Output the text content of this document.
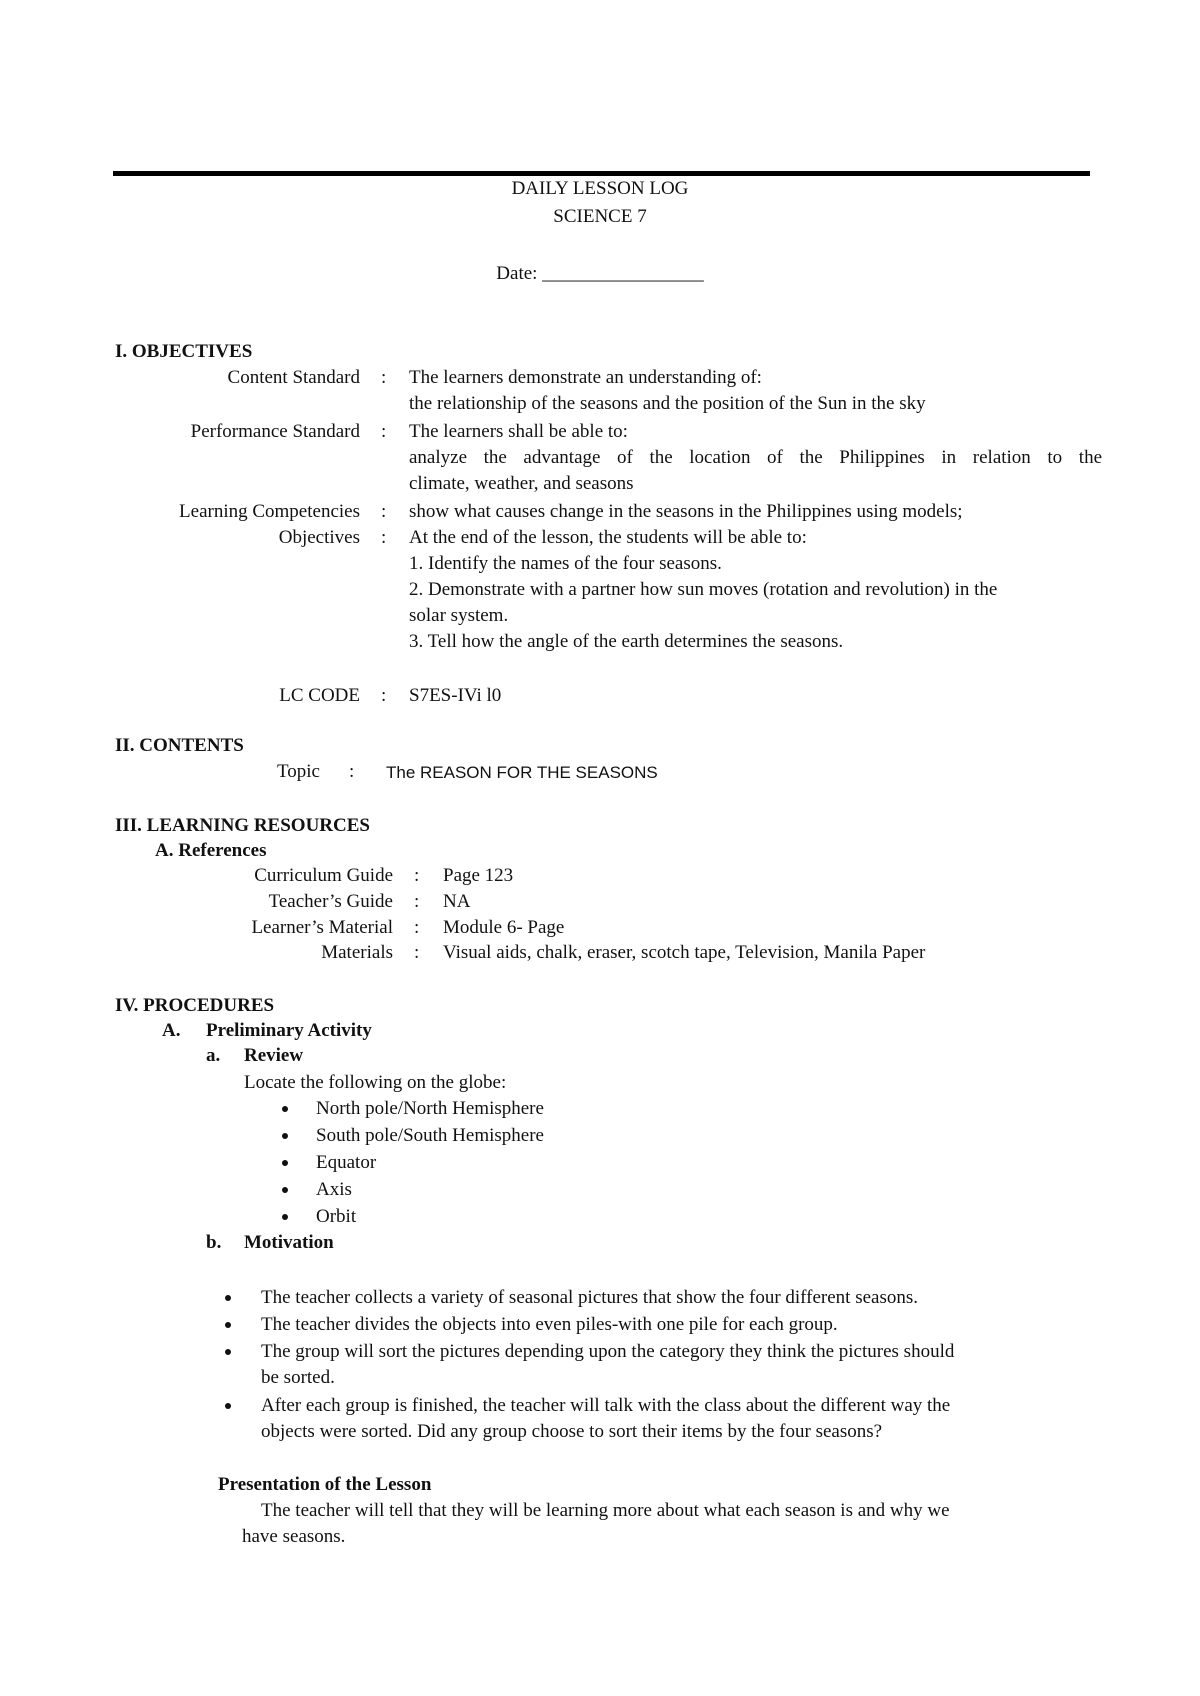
DAILY LESSON LOG
SCIENCE 7
Date: _________________
I. OBJECTIVES
Content Standard : The learners demonstrate an understanding of:
the relationship of the seasons and the position of the Sun in the sky
Performance Standard : The learners shall be able to:
analyze the advantage of the location of the Philippines in relation to the
climate, weather, and seasons
Learning Competencies : show what causes change in the seasons in the Philippines using models;
Objectives : At the end of the lesson, the students will be able to:
1. Identify the names of the four seasons.
2. Demonstrate with a partner how sun moves (rotation and revolution) in the
solar system.
3. Tell how the angle of the earth determines the seasons.
LC CODE : S7ES-IVi l0
II. CONTENTS
Topic : The REASON FOR THE SEASONS
III. LEARNING RESOURCES
A. References
Curriculum Guide : Page 123
Teacher’s Guide : NA
Learner’s Material : Module 6- Page
Materials : Visual aids, chalk, eraser, scotch tape, Television, Manila Paper
IV. PROCEDURES
A. Preliminary Activity
a. Review
Locate the following on the globe:
North pole/North Hemisphere
South pole/South Hemisphere
Equator
Axis
Orbit
b. Motivation
The teacher collects a variety of seasonal pictures that show the four different seasons.
The teacher divides the objects into even piles-with one pile for each group.
The group will sort the pictures depending upon the category they think the pictures should
be sorted.
After each group is finished, the teacher will talk with the class about the different way the
objects were sorted. Did any group choose to sort their items by the four seasons?
Presentation of the Lesson
The teacher will tell that they will be learning more about what each season is and why we
have seasons.
